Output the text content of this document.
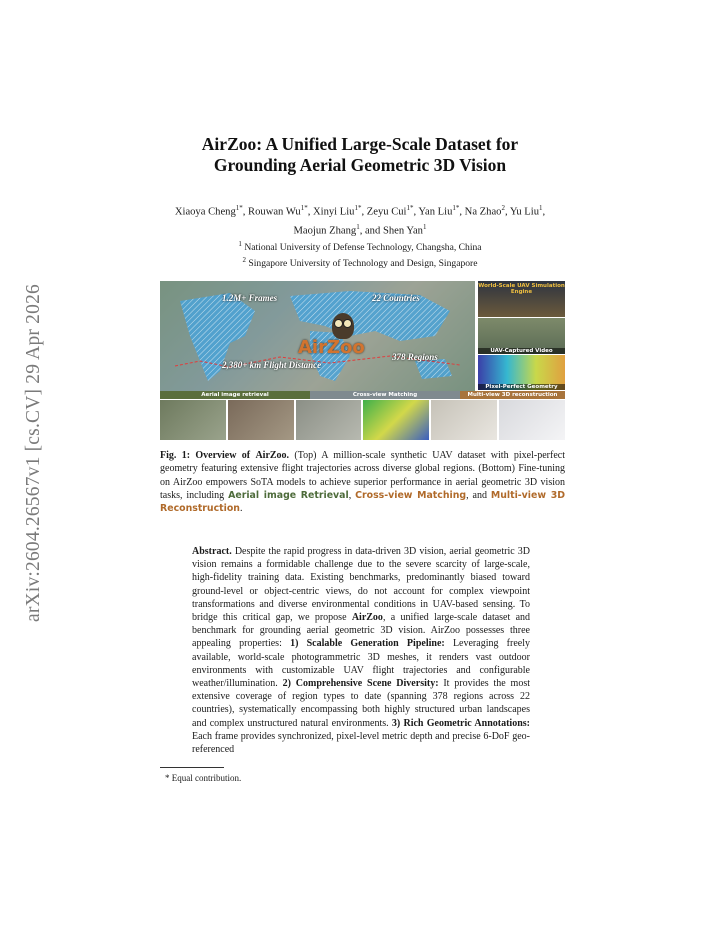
arXiv:2604.26567v1 [cs.CV] 29 Apr 2026
AirZoo: A Unified Large-Scale Dataset for
Grounding Aerial Geometric 3D Vision
Xiaoya Cheng$^{1*}$, Rouwan $Wu^{1*}$, Xinyi Liu$^{1*}$, Zeyu Cui$^{1*}$, Yan Liu$^{1*}$, Na Zhao$^2$, Yu Liu$^1$, Maojun Zhang$^1$, and Shen Yan$^1$
$^1$ National University of Defense Technology, Changsha, China
$^2$ Singapore University of Technology and Design, Singapore
1.2M+ Frames	22 Countries
2,380+ km Flight Distance
378 Regions
AirZoo
World-Scale UAV Simulation Engine
UAV-Captured Video
Pixel-Perfect Geometry
Aerial image retrieval	Cross-view Matching	Multi-view 3D reconstruction
Fig. 1: Overview of AirZoo. (Top) A million-scale synthetic UAV dataset with pixel-perfect geometry featuring extensive flight trajectories across diverse global regions. (Bottom) Fine-tuning on AirZoo empowers SoTA models to achieve superior performance in aerial geometric 3D vision tasks, including Aerial image Retrieval, Cross-view Matching, and Multi-view 3D Reconstruction.
Abstract. Despite the rapid progress in data-driven 3D vision, aerial geometric 3D vision remains a formidable challenge due to the severe scarcity of large-scale, high-fidelity training data. Existing benchmarks, predominantly biased toward ground-level or object-centric views, do not account for complex viewpoint transformations and diverse environmental conditions in UAV-based sensing. To bridge this critical gap, we propose AirZoo, a unified large-scale dataset and benchmark for grounding aerial geometric 3D vision. AirZoo possesses three appealing properties: 1) Scalable Generation Pipeline: Leveraging freely available, world-scale photogrammetric 3D meshes, it renders vast outdoor environments with customizable UAV flight trajectories and configurable weather/illumination. 2) Comprehensive Scene Diversity: It provides the most extensive coverage of region types to date (spanning 378 regions across 22 countries), systematically encompassing both highly structured urban landscapes and complex unstructured natural environments. 3) Rich Geometric Annotations: Each frame provides synchronized, pixel-level metric depth and precise 6-DoF geo-referenced
* Equal contribution.
